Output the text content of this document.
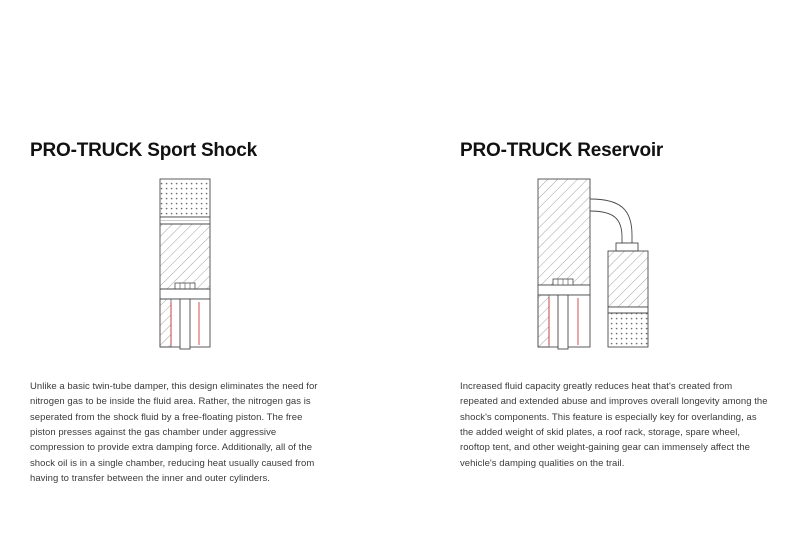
PRO-TRUCK Sport Shock

Unlike a basic twin-tube damper, this design eliminates the need for nitrogen gas to be inside the fluid area. Rather, the nitrogen gas is seperated from the shock fluid by a free-floating piston. The free piston presses against the gas chamber under aggressive compression to provide extra damping force. Additionally, all of the shock oil is in a single chamber, reducing heat usually caused from having to transfer between the inner and outer cylinders.

PRO-TRUCK Reservoir

Increased fluid capacity greatly reduces heat that's created from repeated and extended abuse and improves overall longevity among the shock's components. This feature is especially key for overlanding, as the added weight of skid plates, a roof rack, storage, spare wheel, rooftop tent, and other weight-gaining gear can immensely affect the vehicle's damping qualities on the trail.
